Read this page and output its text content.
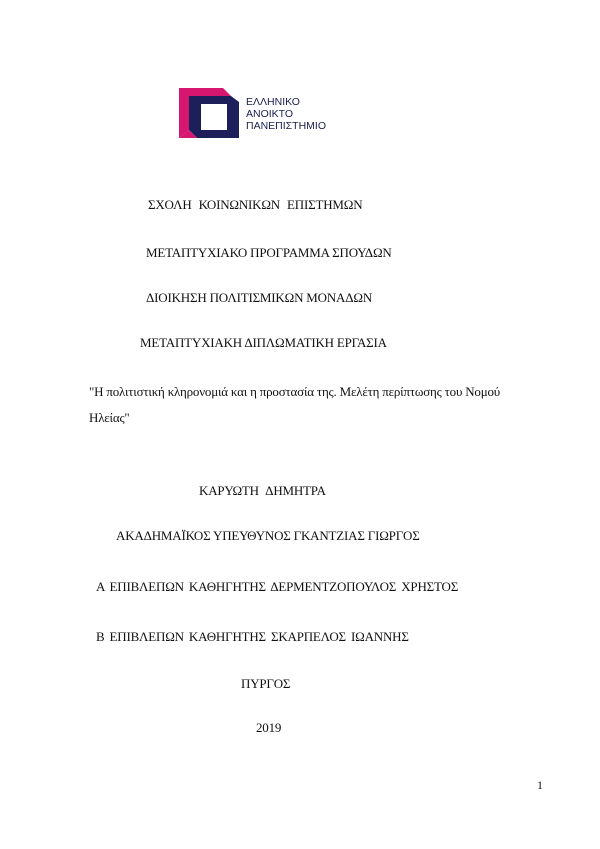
ΕΛΛΗΝΙΚΟ
ΑΝΟΙΚΤΟ
ΠΑΝΕΠΙΣΤΗΜΙΟ
ΣΧΟΛΗ ΚΟΙΝΩΝΙΚΩΝ ΕΠΙΣΤΗΜΩΝ
ΜΕΤΑΠΤΥΧΙΑΚΟ ΠΡΟΓΡΑΜΜΑ ΣΠΟΥΔΩΝ
ΔΙΟΙΚΗΣΗ ΠΟΛΙΤΙΣΜΙΚΩΝ ΜΟΝΑΔΩΝ
ΜΕΤΑΠΤΥΧΙΑΚΗ ΔΙΠΛΩΜΑΤΙΚΗ ΕΡΓΑΣΙΑ
"Η πολιτιστική κληρονομιά και η προστασία της. Μελέτη περίπτωσης του Νομού
Ηλείας"
ΚΑΡΥΩΤΗ ΔΗΜΗΤΡΑ
ΑΚΑΔΗΜΑΪΚΟΣ ΥΠΕΥΘΥΝΟΣ ΓΚΑΝΤΖΙΑΣ ΓΙΩΡΓΟΣ
Α ΕΠΙΒΛΕΠΩΝ ΚΑΘΗΓΗΤΗΣ ΔΕΡΜΕΝΤΖΟΠΟΥΛΟΣ ΧΡΗΣΤΟΣ
Β ΕΠΙΒΛΕΠΩΝ ΚΑΘΗΓΗΤΗΣ ΣΚΑΡΠΕΛΟΣ ΙΩΑΝΝΗΣ
ΠΥΡΓΟΣ
2019
1
